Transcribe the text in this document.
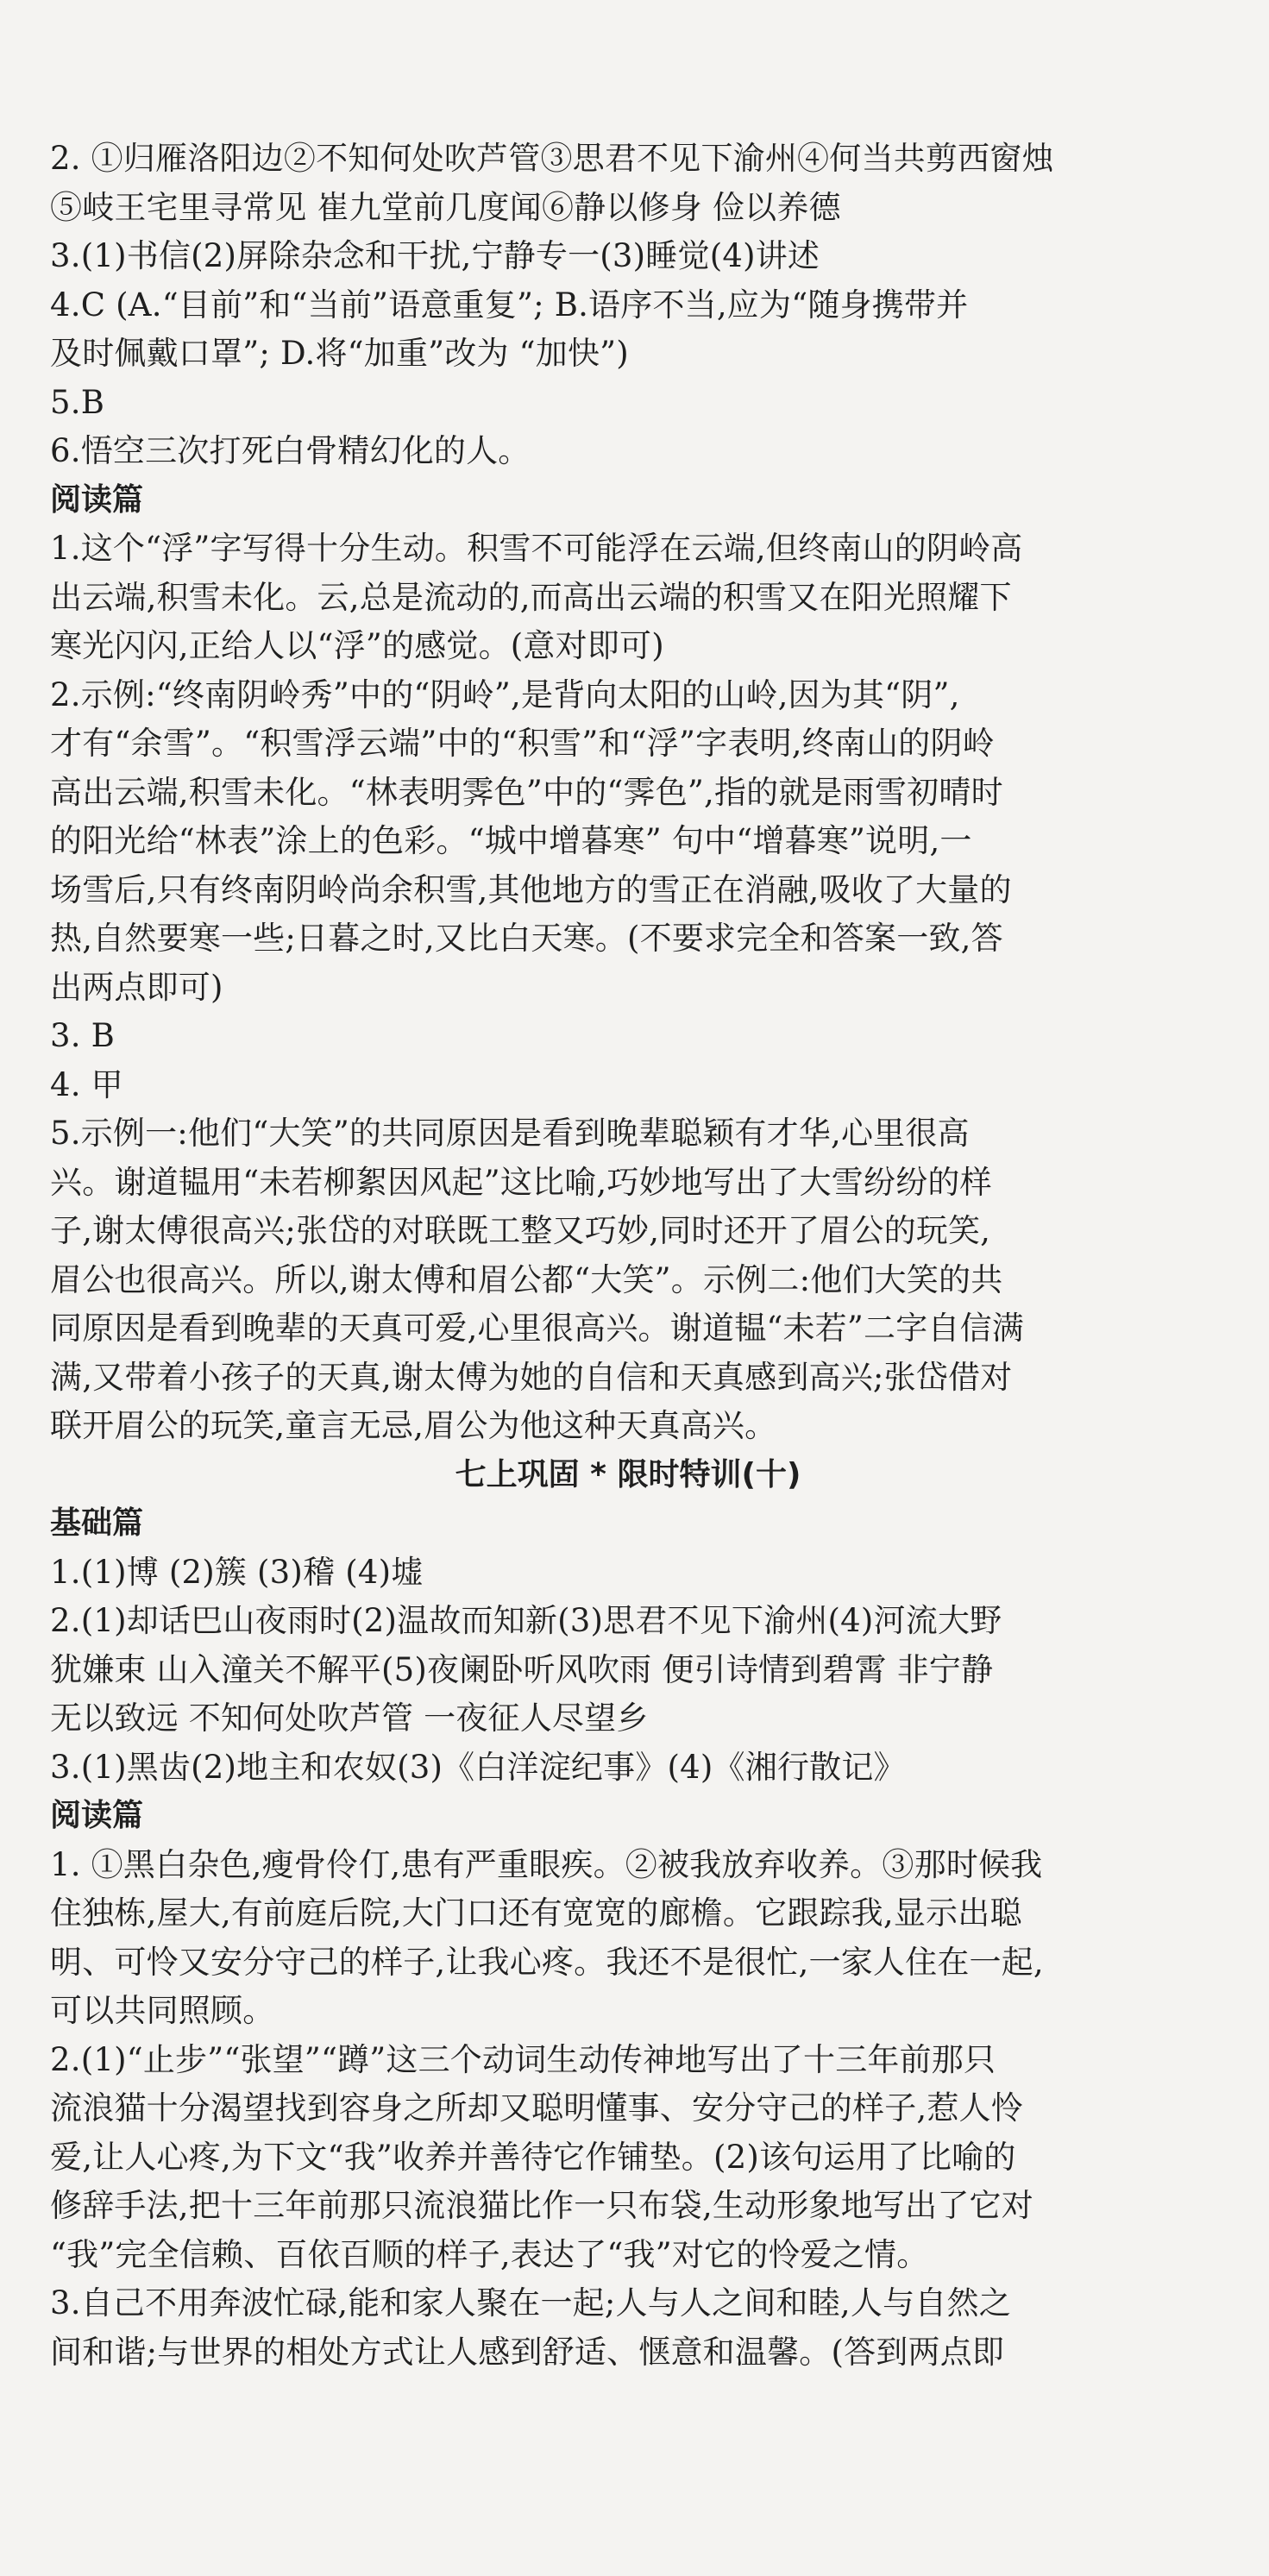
2. ①归雁洛阳边②不知何处吹芦管③思君不见下渝州④何当共剪西窗烛
⑤岐王宅里寻常见 崔九堂前几度闻⑥静以修身 俭以养德
3.(1)书信(2)屏除杂念和干扰,宁静专一(3)睡觉(4)讲述
4.C (A.“目前”和“当前”语意重复”; B.语序不当,应为“随身携带并
及时佩戴口罩”; D.将“加重”改为 “加快”)
5.B
6.悟空三次打死白骨精幻化的人。
阅读篇
1.这个“浮”字写得十分生动。积雪不可能浮在云端,但终南山的阴岭高
出云端,积雪未化。云,总是流动的,而高出云端的积雪又在阳光照耀下
寒光闪闪,正给人以“浮”的感觉。(意对即可)
2.示例:“终南阴岭秀”中的“阴岭”,是背向太阳的山岭,因为其“阴”,
才有“余雪”。“积雪浮云端”中的“积雪”和“浮”字表明,终南山的阴岭
高出云端,积雪未化。“林表明霁色”中的“霁色”,指的就是雨雪初晴时
的阳光给“林表”涂上的色彩。“城中增暮寒” 句中“增暮寒”说明,一
场雪后,只有终南阴岭尚余积雪,其他地方的雪正在消融,吸收了大量的
热,自然要寒一些;日暮之时,又比白天寒。(不要求完全和答案一致,答
出两点即可)
3. B
4. 甲
5.示例一:他们“大笑”的共同原因是看到晚辈聪颖有才华,心里很高
兴。谢道韫用“未若柳絮因风起”这比喻,巧妙地写出了大雪纷纷的样
子,谢太傅很高兴;张岱的对联既工整又巧妙,同时还开了眉公的玩笑,
眉公也很高兴。所以,谢太傅和眉公都“大笑”。示例二:他们大笑的共
同原因是看到晚辈的天真可爱,心里很高兴。谢道韫“未若”二字自信满
满,又带着小孩子的天真,谢太傅为她的自信和天真感到高兴;张岱借对
联开眉公的玩笑,童言无忌,眉公为他这种天真高兴。
七上巩固 * 限时特训(十)
基础篇
1.(1)博 (2)簇 (3)稽 (4)墟
2.(1)却话巴山夜雨时(2)温故而知新(3)思君不见下渝州(4)河流大野
犹嫌束 山入潼关不解平(5)夜阑卧听风吹雨 便引诗情到碧霄 非宁静
无以致远 不知何处吹芦管 一夜征人尽望乡
3.(1)黑齿(2)地主和农奴(3)《白洋淀纪事》(4)《湘行散记》
阅读篇
1. ①黑白杂色,瘦骨伶仃,患有严重眼疾。②被我放弃收养。③那时候我
住独栋,屋大,有前庭后院,大门口还有宽宽的廊檐。它跟踪我,显示出聪
明、可怜又安分守己的样子,让我心疼。我还不是很忙,一家人住在一起,
可以共同照顾。
2.(1)“止步”“张望”“蹲”这三个动词生动传神地写出了十三年前那只
流浪猫十分渴望找到容身之所却又聪明懂事、安分守己的样子,惹人怜
爱,让人心疼,为下文“我”收养并善待它作铺垫。(2)该句运用了比喻的
修辞手法,把十三年前那只流浪猫比作一只布袋,生动形象地写出了它对
“我”完全信赖、百依百顺的样子,表达了“我”对它的怜爱之情。
3.自己不用奔波忙碌,能和家人聚在一起;人与人之间和睦,人与自然之
间和谐;与世界的相处方式让人感到舒适、惬意和温馨。(答到两点即
